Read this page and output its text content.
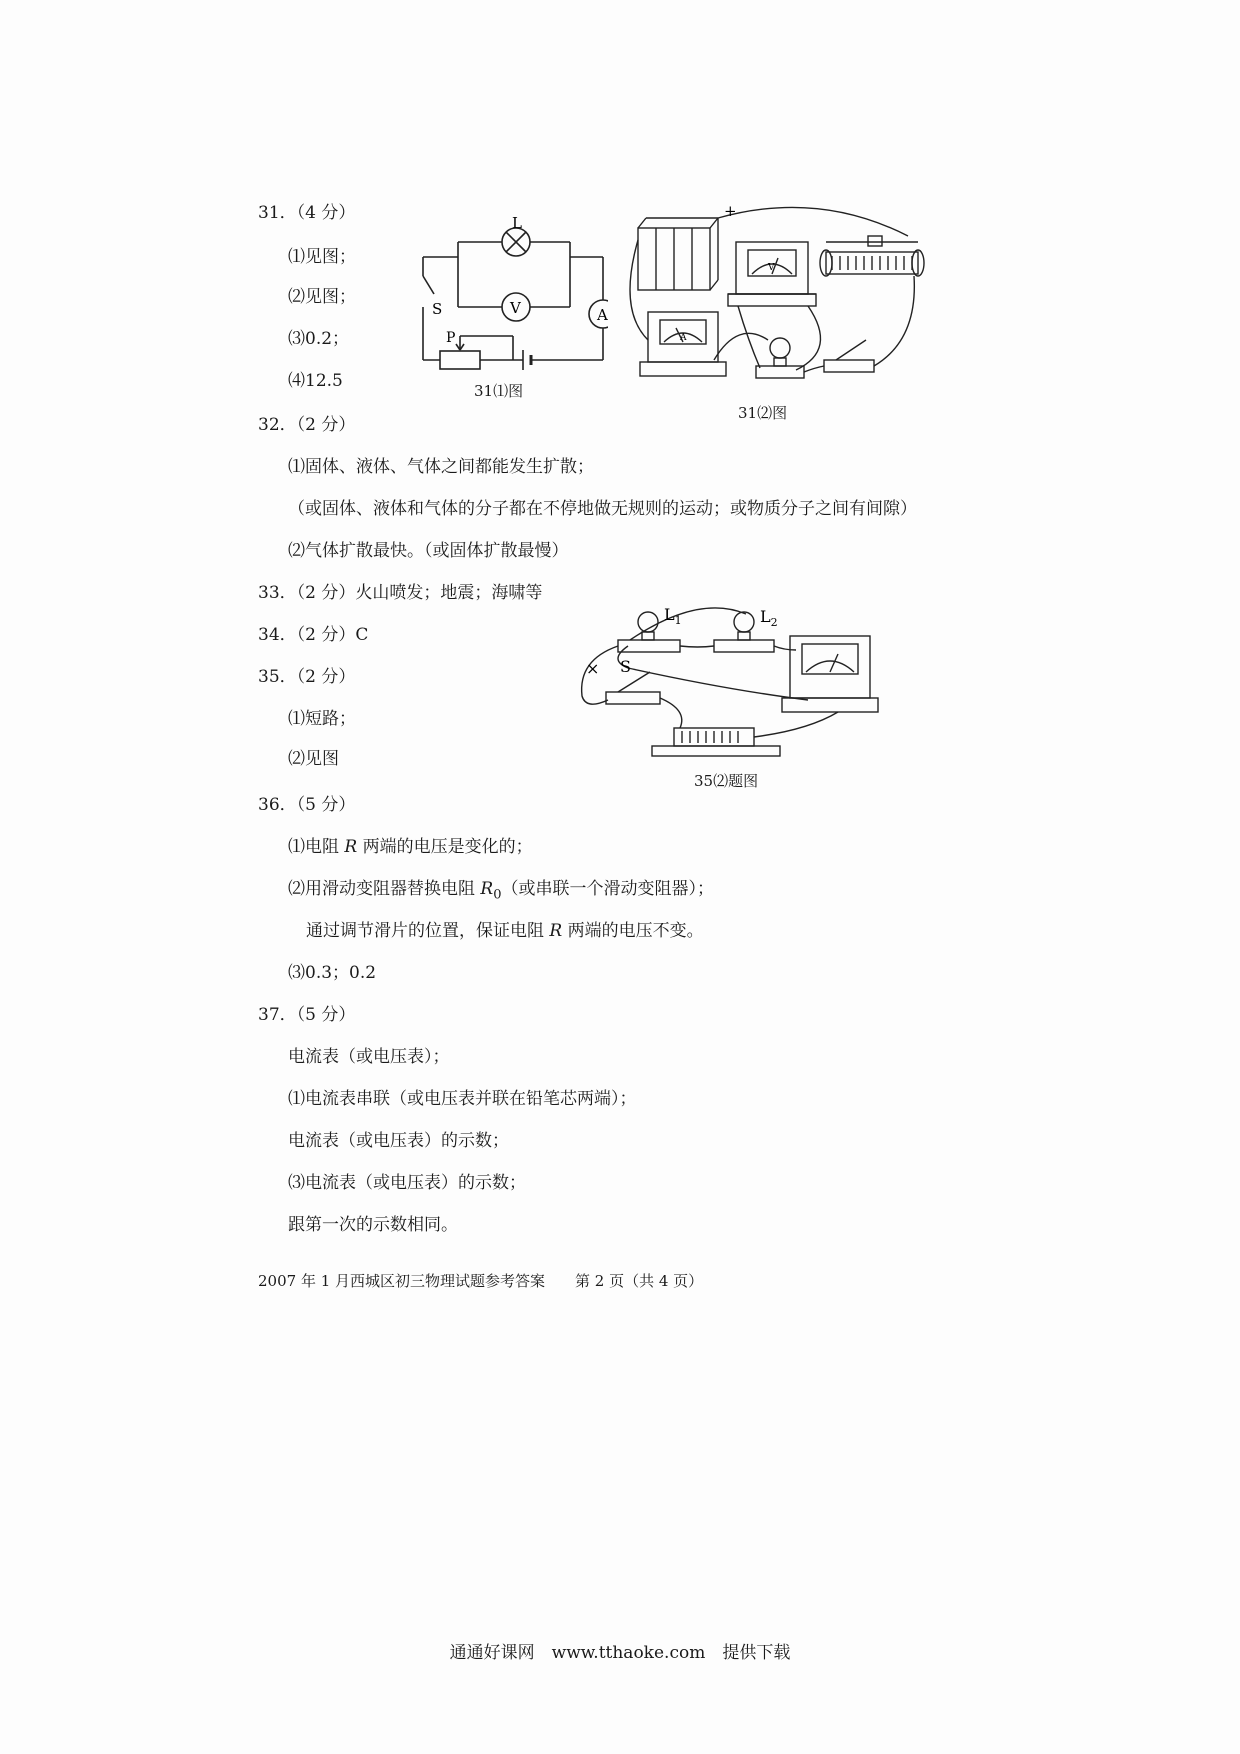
31．（4 分）
⑴见图；
⑵见图；
⑶0.2；
⑷12.5
L
V	A
S
P
31⑴图
+
V
A
31⑵图
32．（2 分）
⑴固体、液体、气体之间都能发生扩散；
（或固体、液体和气体的分子都在不停地做无规则的运动；或物质分子之间有间隙）
⑵气体扩散最快。（或固体扩散最慢）
33．（2 分）火山喷发；地震；海啸等
34．（2 分）C
35．（2 分）
⑴短路；
⑵见图
$L_1$	$L_2$
S
×
35⑵题图
36．（5 分）
⑴电阻 R 两端的电压是变化的；
⑵用滑动变阻器替换电阻 $R_0$（或串联一个滑动变阻器）；
通过调节滑片的位置，保证电阻 R 两端的电压不变。
⑶0.3；0.2
37．（5 分）
电流表（或电压表）；
⑴电流表串联（或电压表并联在铅笔芯两端）；
电流表（或电压表）的示数；
⑶电流表（或电压表）的示数；
跟第一次的示数相同。
2007 年 1 月西城区初三物理试题参考答案　　第 2 页（共 4 页）
通通好课网　www.tthaoke.com　提供下载
